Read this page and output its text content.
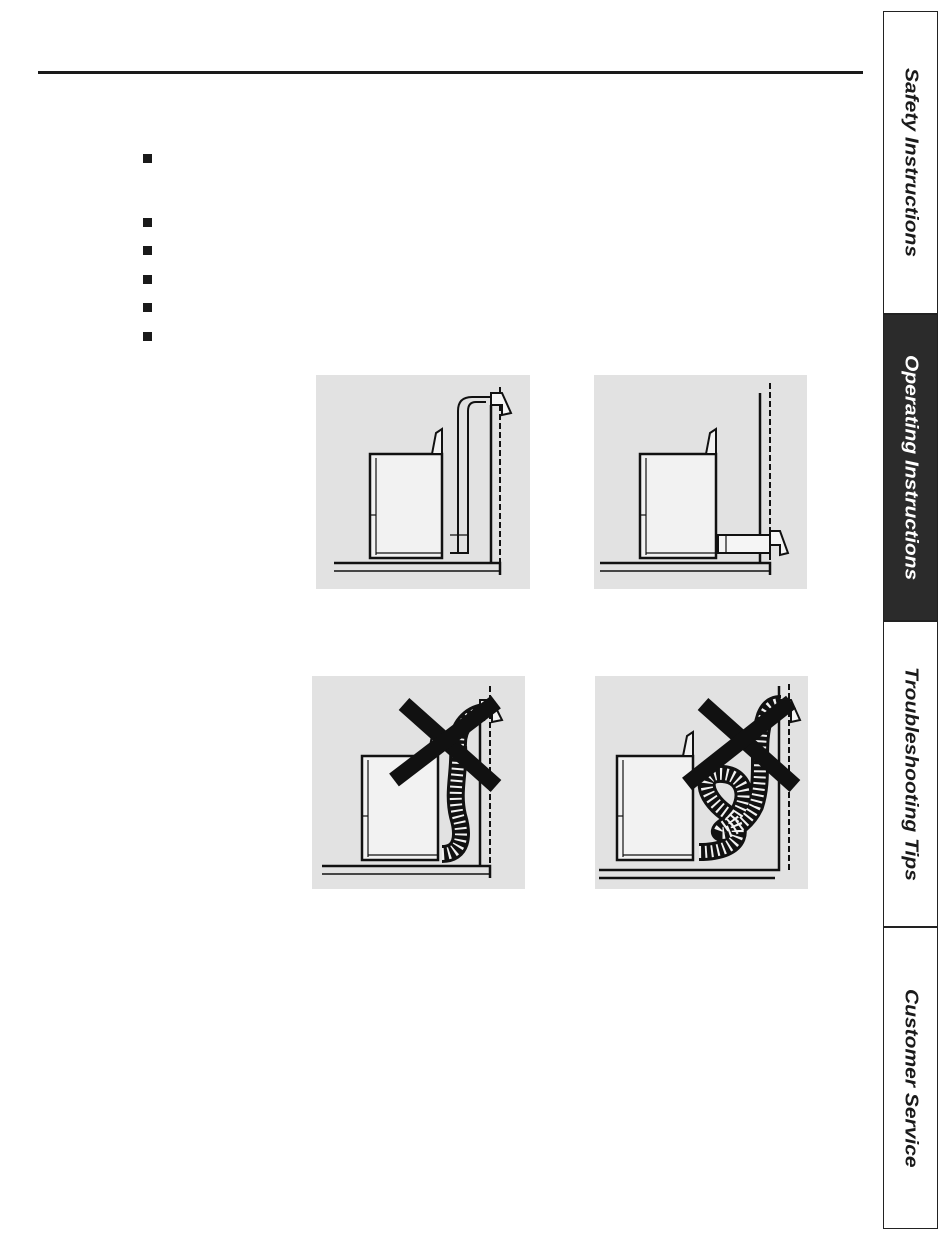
Safety Instructions
Operating Instructions
Troubleshooting Tips
Customer Service
